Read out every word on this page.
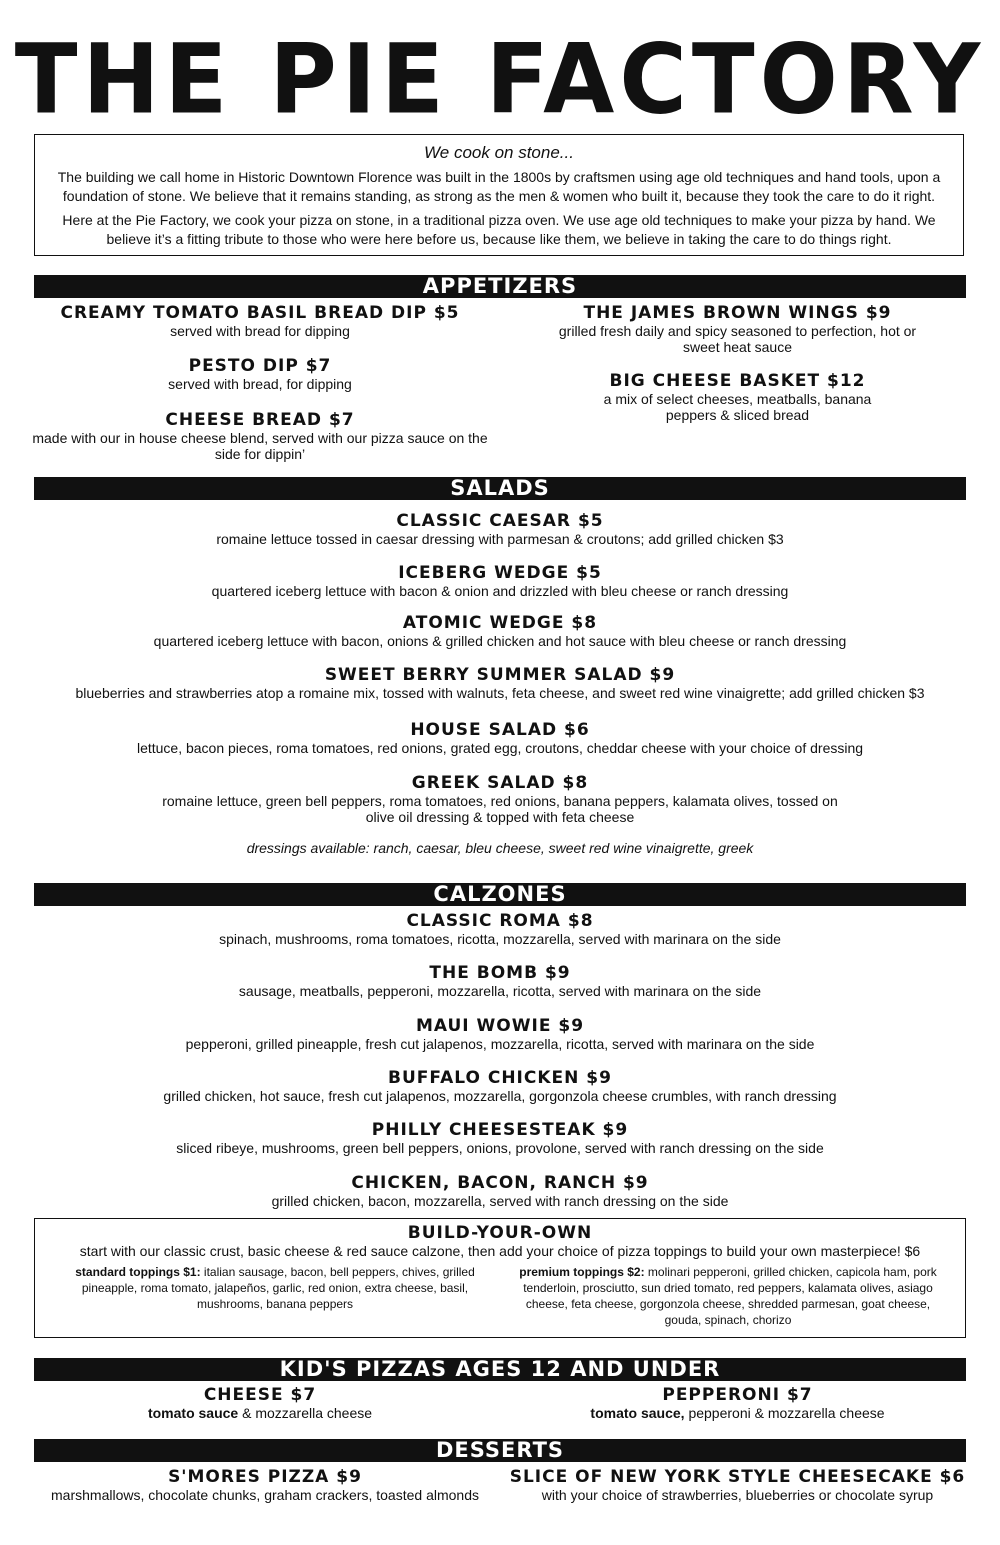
THE PIE FACTORY
We cook on stone...

The building we call home in Historic Downtown Florence was built in the 1800s by craftsmen using age old techniques and hand tools, upon a foundation of stone. We believe that it remains standing, as strong as the men & women who built it, because they took the care to do it right.

Here at the Pie Factory, we cook your pizza on stone, in a traditional pizza oven. We use age old techniques to make your pizza by hand. We believe it’s a fitting tribute to those who were here before us, because like them, we believe in taking the care to do things right.

APPETIZERS
CREAMY TOMATO BASIL BREAD DIP $5
served with bread for dipping
PESTO DIP $7
served with bread, for dipping
CHEESE BREAD $7
made with our in house cheese blend, served with our pizza sauce on the side for dippin’
THE JAMES BROWN WINGS $9
grilled fresh daily and spicy seasoned to perfection, hot or sweet heat sauce
BIG CHEESE BASKET $12
a mix of select cheeses, meatballs, banana peppers & sliced bread
SALADS
CLASSIC CAESAR $5
romaine lettuce tossed in caesar dressing with parmesan & croutons; add grilled chicken $3
ICEBERG WEDGE $5
quartered iceberg lettuce with bacon & onion and drizzled with bleu cheese or ranch dressing
ATOMIC WEDGE $8
quartered iceberg lettuce with bacon, onions & grilled chicken and hot sauce with bleu cheese or ranch dressing
SWEET BERRY SUMMER SALAD $9
blueberries and strawberries atop a romaine mix, tossed with walnuts, feta cheese, and sweet red wine vinaigrette; add grilled chicken $3
HOUSE SALAD $6
lettuce, bacon pieces, roma tomatoes, red onions, grated egg, croutons, cheddar cheese with your choice of dressing
GREEK SALAD $8
romaine lettuce, green bell peppers, roma tomatoes, red onions, banana peppers, kalamata olives, tossed on olive oil dressing & topped with feta cheese
dressings available: ranch, caesar, bleu cheese, sweet red wine vinaigrette, greek
CALZONES
CLASSIC ROMA $8
spinach, mushrooms, roma tomatoes, ricotta, mozzarella, served with marinara on the side
THE BOMB $9
sausage, meatballs, pepperoni, mozzarella, ricotta, served with marinara on the side
MAUI WOWIE $9
pepperoni, grilled pineapple, fresh cut jalapenos, mozzarella, ricotta, served with marinara on the side
BUFFALO CHICKEN $9
grilled chicken, hot sauce, fresh cut jalapenos, mozzarella, gorgonzola cheese crumbles, with ranch dressing
PHILLY CHEESESTEAK $9
sliced ribeye, mushrooms, green bell peppers, onions, provolone, served with ranch dressing on the side
CHICKEN, BACON, RANCH $9
grilled chicken, bacon, mozzarella, served with ranch dressing on the side
BUILD-YOUR-OWN
start with our classic crust, basic cheese & red sauce calzone, then add your choice of pizza toppings to build your own masterpiece! $6
standard toppings $1: italian sausage, bacon, bell peppers, chives, grilled pineapple, roma tomato, jalapeños, garlic, red onion, extra cheese, basil, mushrooms, banana peppers
premium toppings $2: molinari pepperoni, grilled chicken, capicola ham, pork tenderloin, prosciutto, sun dried tomato, red peppers, kalamata olives, asiago cheese, feta cheese, gorgonzola cheese, shredded parmesan, goat cheese, gouda, spinach, chorizo
KID'S PIZZAS AGES 12 AND UNDER
CHEESE $7
tomato sauce & mozzarella cheese
PEPPERONI $7
tomato sauce, pepperoni & mozzarella cheese
DESSERTS
S'MORES PIZZA $9
marshmallows, chocolate chunks, graham crackers, toasted almonds
SLICE OF NEW YORK STYLE CHEESECAKE $6
with your choice of strawberries, blueberries or chocolate syrup
